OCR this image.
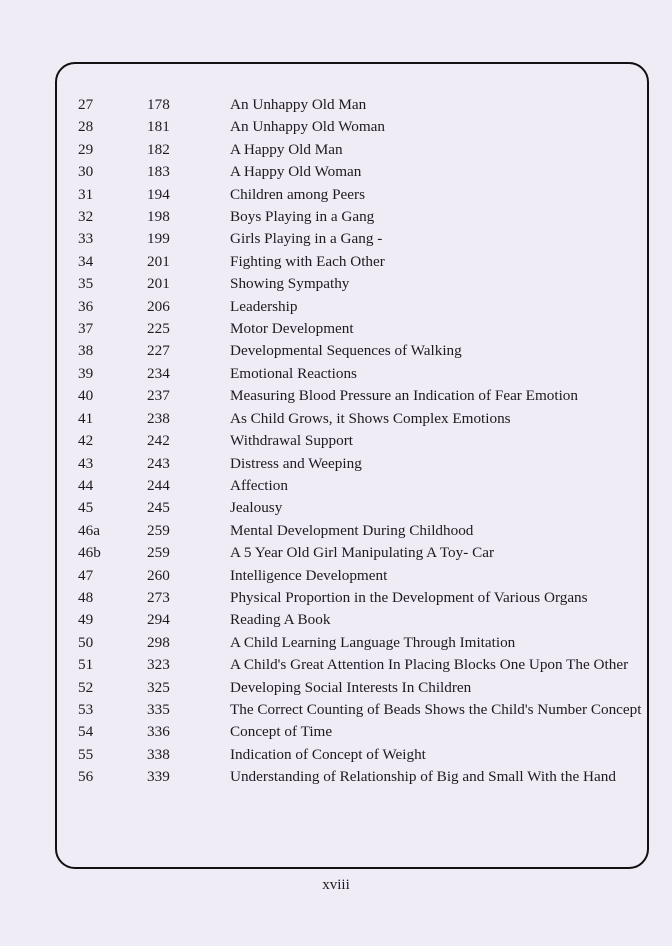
27	178	An Unhappy Old Man
28	181	An Unhappy Old Woman
29	182	A Happy Old Man
30	183	A Happy Old Woman
31	194	Children among Peers
32	198	Boys Playing in a Gang
33	199	Girls Playing in a Gang -
34	201	Fighting with Each Other
35	201	Showing Sympathy
36	206	Leadership
37	225	Motor Development
38	227	Developmental Sequences of Walking
39	234	Emotional Reactions
40	237	Measuring Blood Pressure an Indication of Fear Emotion
41	238	As Child Grows, it Shows Complex Emotions
42	242	Withdrawal Support
43	243	Distress and Weeping
44	244	Affection
45	245	Jealousy
46a	259	Mental Development During Childhood
46b	259	A 5 Year Old Girl Manipulating A Toy- Car
47	260	Intelligence Development
48	273	Physical Proportion in the Development of Various Organs
49	294	Reading A Book
50	298	A Child Learning Language Through Imitation
51	323	A Child's Great Attention In Placing Blocks One Upon The Other
52	325	Developing Social Interests In Children
53	335	The Correct Counting of Beads Shows the Child's Number Concept
54	336	Concept of Time
55	338	Indication of Concept of Weight
56	339	Understanding of Relationship of Big and Small With the Hand
xviii
